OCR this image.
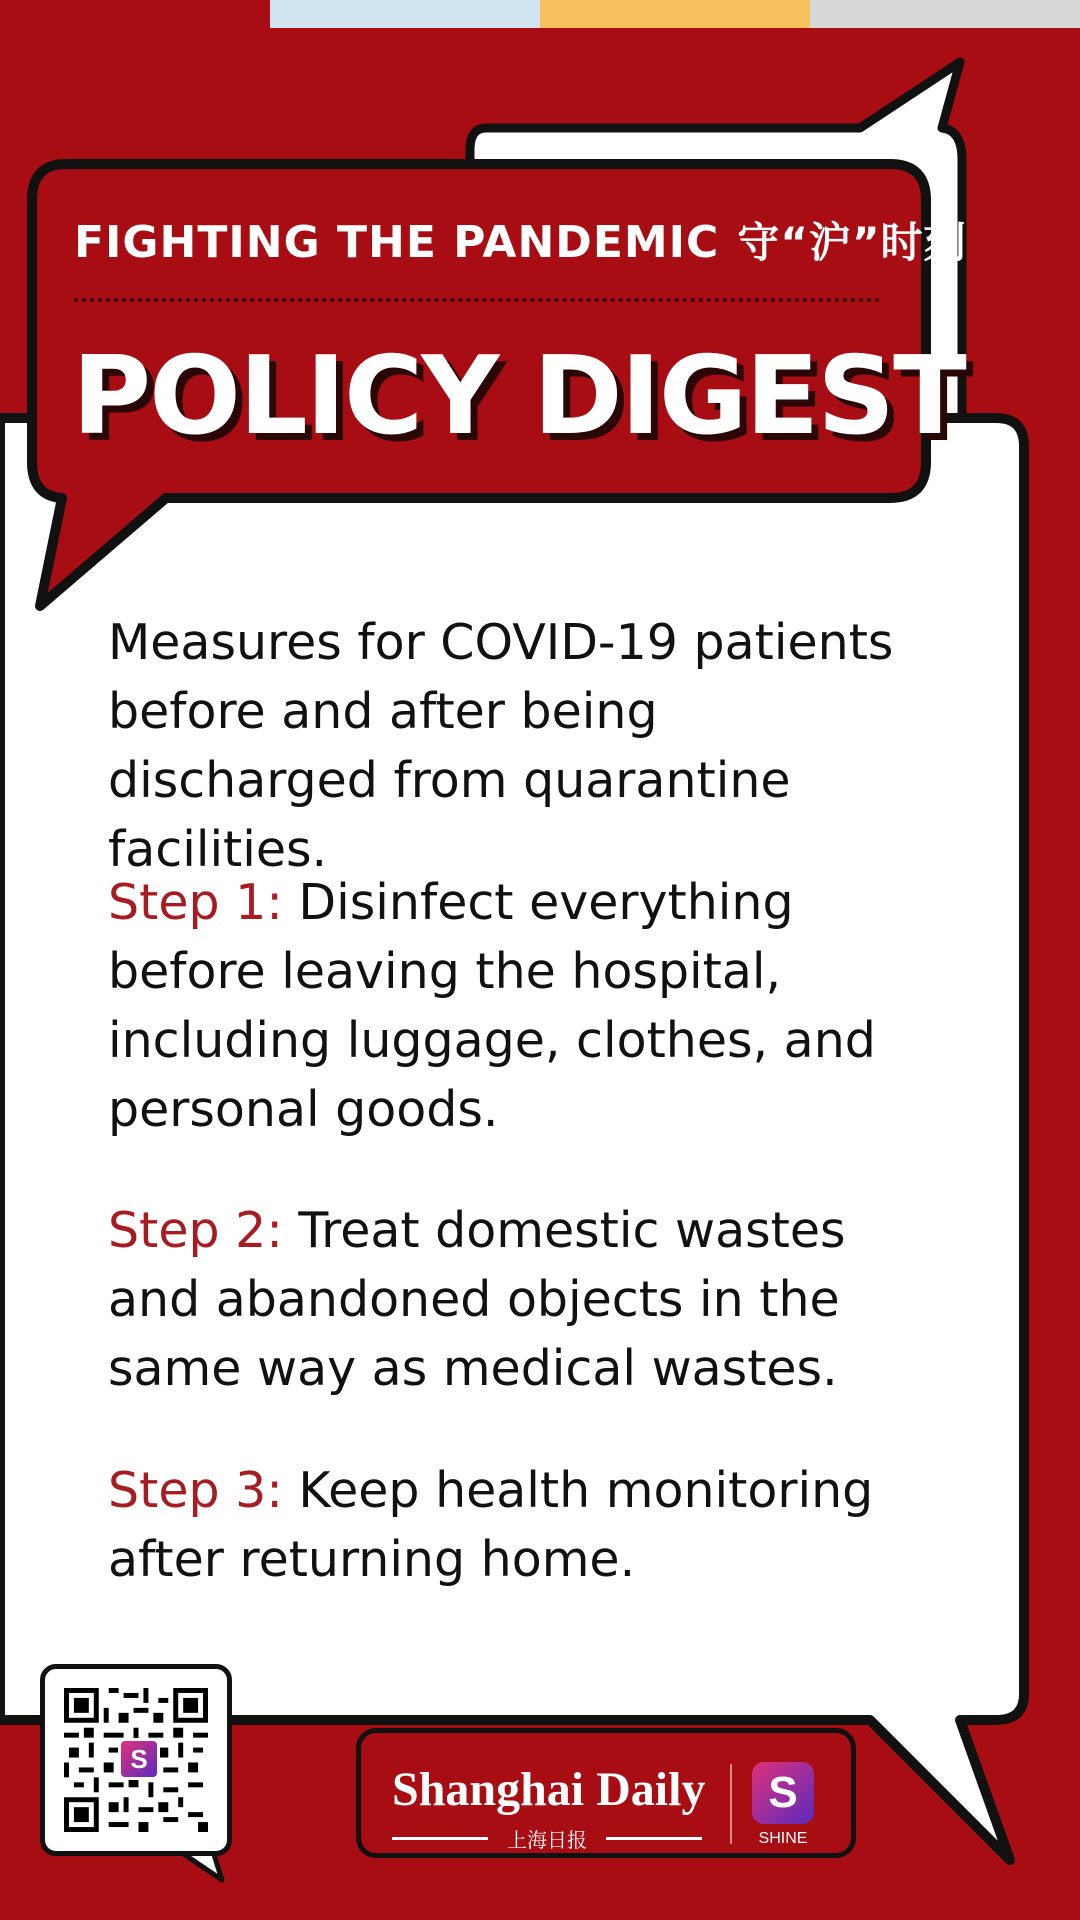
FIGHTING THE PANDEMIC 守“沪”时刻
POLICY DIGEST
Measures for COVID-19 patients before and after being discharged from quarantine facilities.
Step 1: Disinfect everything before leaving the hospital, including luggage, clothes, and personal goods.
Step 2: Treat domestic wastes and abandoned objects in the same way as medical wastes.
Step 3: Keep health monitoring after returning home.
S
Shanghai Daily
上海日报
S
SHINE
